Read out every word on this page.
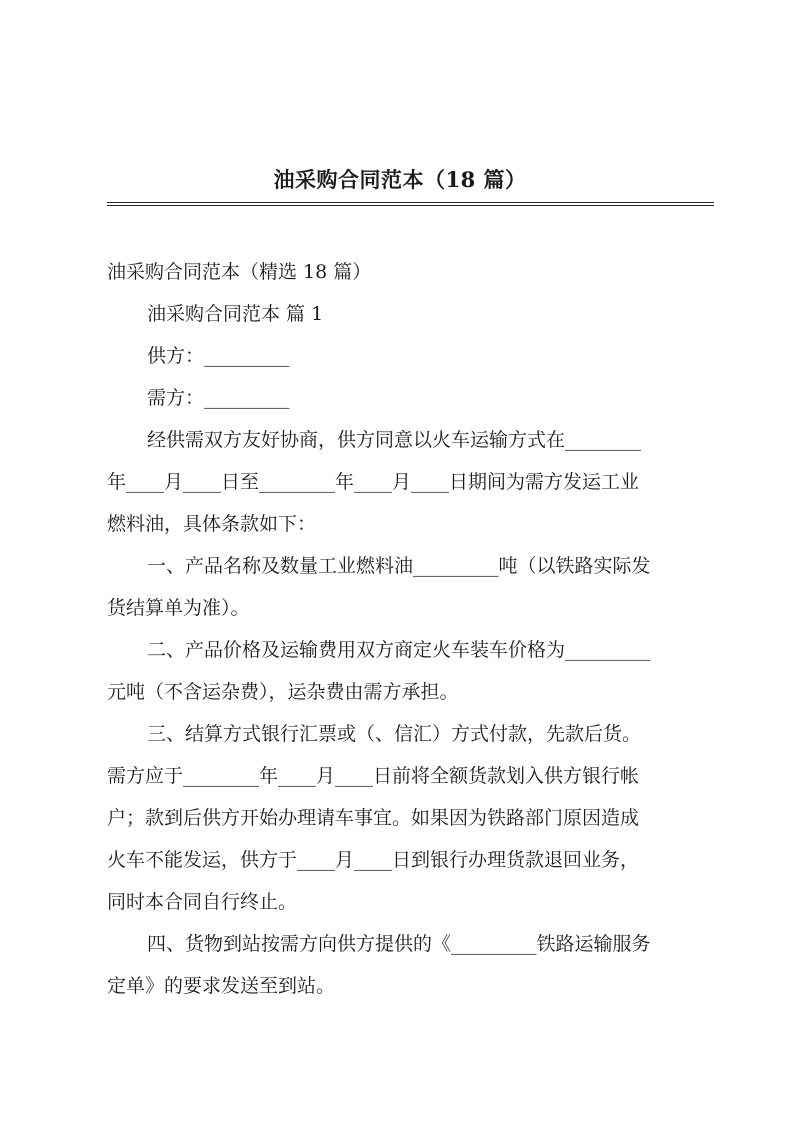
油采购合同范本（18 篇）
油采购合同范本（精选 18 篇）
油采购合同范本 篇 1
供方：_________
需方：_________
经供需双方友好协商，供方同意以火车运输方式在________
年____月____日至________年____月____日期间为需方发运工业
燃料油，具体条款如下：
一、产品名称及数量工业燃料油_________吨（以铁路实际发
货结算单为准）。
二、产品价格及运输费用双方商定火车装车价格为_________
元吨（不含运杂费），运杂费由需方承担。
三、结算方式银行汇票或（、信汇）方式付款，先款后货。
需方应于________年____月____日前将全额货款划入供方银行帐
户；款到后供方开始办理请车事宜。如果因为铁路部门原因造成
火车不能发运，供方于____月____日到银行办理货款退回业务，
同时本合同自行终止。
四、货物到站按需方向供方提供的《_________铁路运输服务
定单》的要求发送至到站。
